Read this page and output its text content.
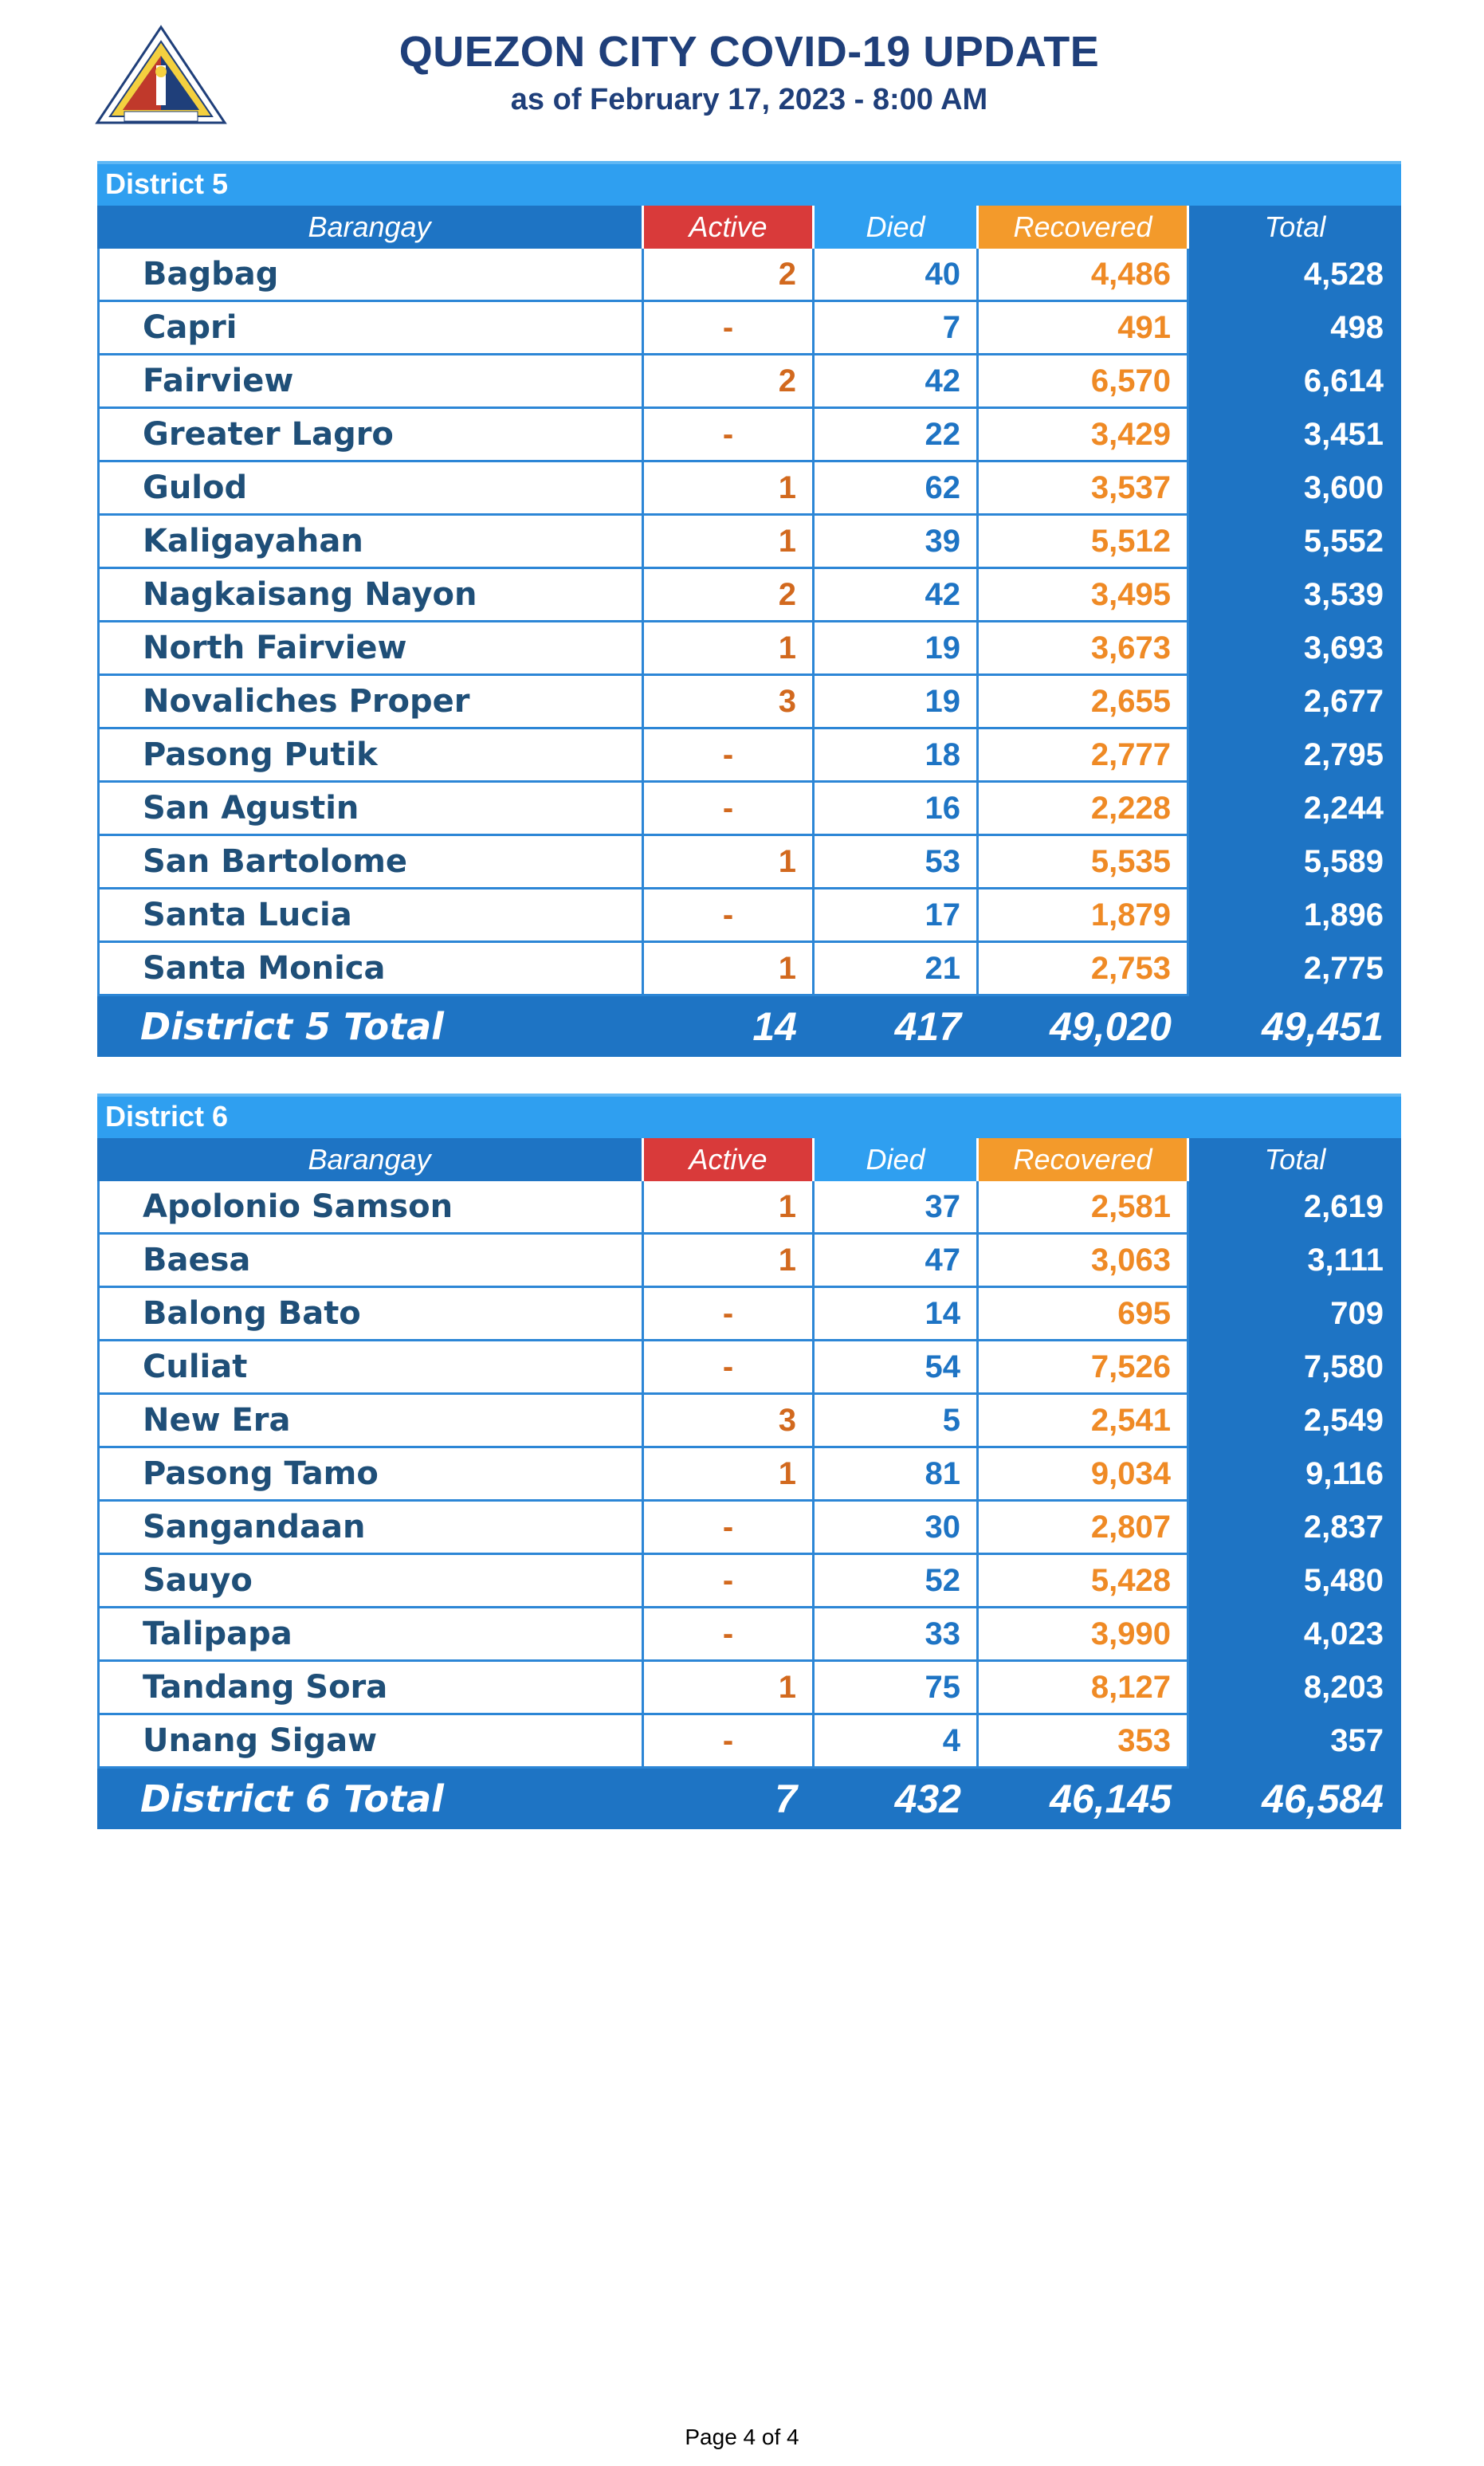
QUEZON CITY COVID-19 UPDATE
as of February 17, 2023 - 8:00 AM
District 5
Barangay	Active	Died	Recovered	Total
Bagbag	2	40	4,486	4,528
Capri	-	7	491	498
Fairview	2	42	6,570	6,614
Greater Lagro	-	22	3,429	3,451
Gulod	1	62	3,537	3,600
Kaligayahan	1	39	5,512	5,552
Nagkaisang Nayon	2	42	3,495	3,539
North Fairview	1	19	3,673	3,693
Novaliches Proper	3	19	2,655	2,677
Pasong Putik	-	18	2,777	2,795
San Agustin	-	16	2,228	2,244
San Bartolome	1	53	5,535	5,589
Santa Lucia	-	17	1,879	1,896
Santa Monica	1	21	2,753	2,775
District 5 Total	14	417	49,020	49,451
District 6
Barangay	Active	Died	Recovered	Total
Apolonio Samson	1	37	2,581	2,619
Baesa	1	47	3,063	3,111
Balong Bato	-	14	695	709
Culiat	-	54	7,526	7,580
New Era	3	5	2,541	2,549
Pasong Tamo	1	81	9,034	9,116
Sangandaan	-	30	2,807	2,837
Sauyo	-	52	5,428	5,480
Talipapa	-	33	3,990	4,023
Tandang Sora	1	75	8,127	8,203
Unang Sigaw	-	4	353	357
District 6 Total	7	432	46,145	46,584
Page 4 of 4
